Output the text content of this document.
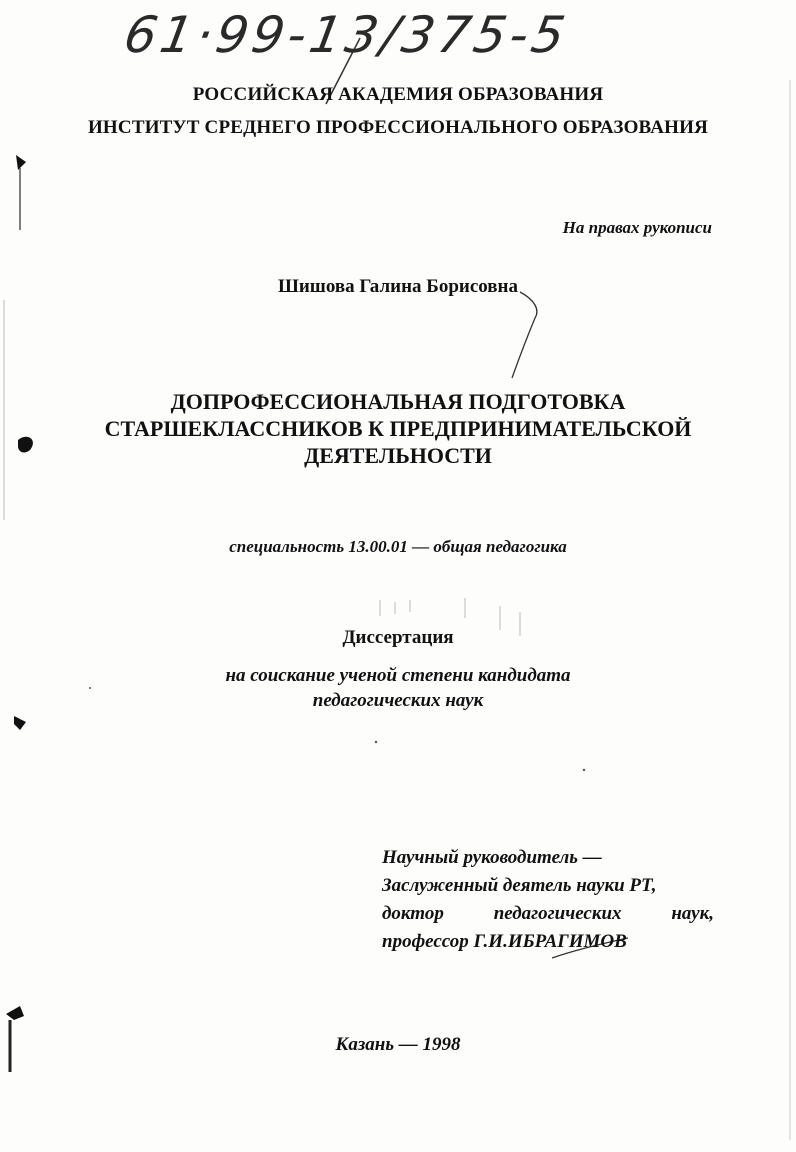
61·99-13/375-5
РОССИЙСКАЯ АКАДЕМИЯ ОБРАЗОВАНИЯ
ИНСТИТУТ СРЕДНЕГО ПРОФЕССИОНАЛЬНОГО ОБРАЗОВАНИЯ
На правах рукописи
Шишова Галина Борисовна
ДОПРОФЕССИОНАЛЬНАЯ ПОДГОТОВКА
СТАРШЕКЛАССНИКОВ К ПРЕДПРИНИМАТЕЛЬСКОЙ
ДЕЯТЕЛЬНОСТИ
специальность 13.00.01 — общая педагогика
Диссертация
на соискание ученой степени кандидата
педагогических наук
Научный руководитель —
Заслуженный деятель науки РТ,
доктор	педагогических	наук,
профессор Г.И.ИБРАГИМОВ
Казань — 1998
